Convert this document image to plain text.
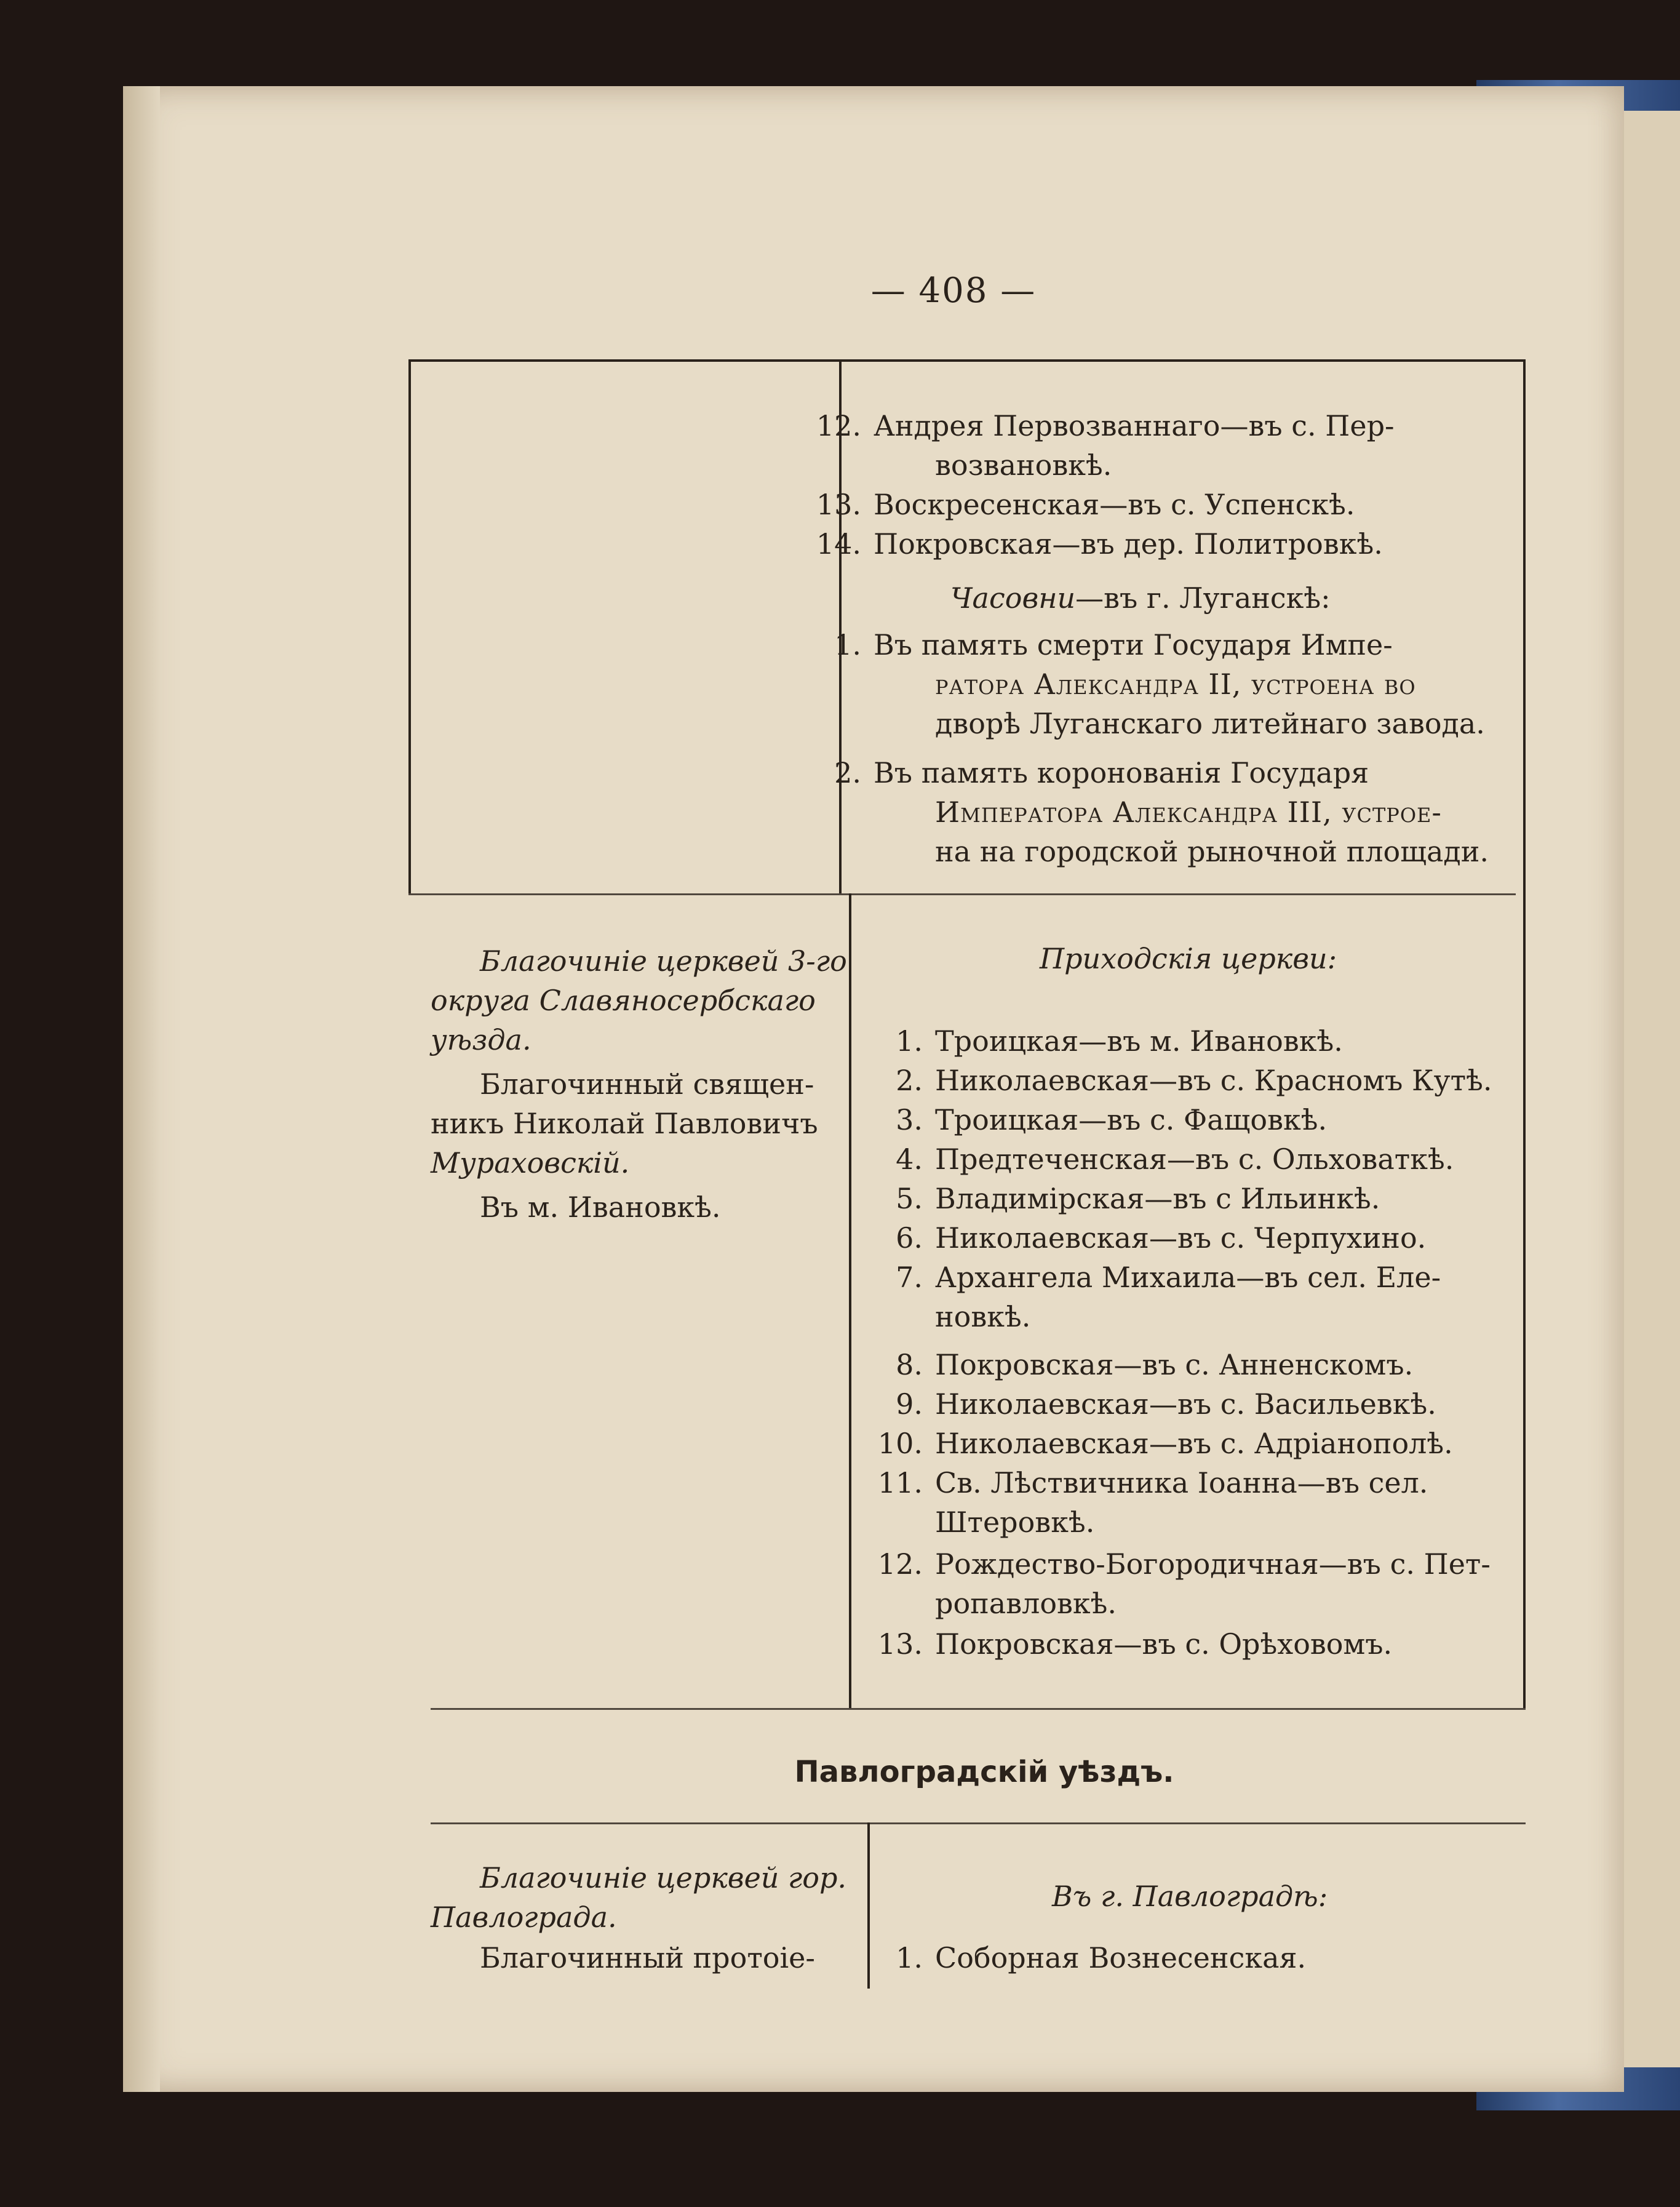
— 408 —
12. Андрея Первозваннаго—въ с. Пер-
возвановкѣ.
13. Воскресенская—въ с. Успенскѣ.
14. Покровская—въ дер. Политровкѣ.
Часовни—въ г. Луганскѣ:
1. Въ память смерти Государя Импе-
ратора Александра II, устроена во
дворѣ Луганскаго литейнаго завода.
2. Въ память коронованія Государя
Императора Александра III, устрое-
на на городской рыночной площади.
Благочиніе церквей 3-го
округа Славяносербскаго
уѣзда.
Благочинный священ-
никъ Николай Павловичъ
Мураховскій.
Въ м. Ивановкѣ.
Приходскія церкви:
1. Троицкая—въ м. Ивановкѣ.
2. Николаевская—въ с. Красномъ Кутѣ.
3. Троицкая—въ с. Фащовкѣ.
4. Предтеченская—въ с. Ольховаткѣ.
5. Владимірская—въ с Ильинкѣ.
6. Николаевская—въ с. Черпухино.
7. Архангела Михаила—въ сел. Еле-
новкѣ.
8. Покровская—въ с. Анненскомъ.
9. Николаевская—въ с. Васильевкѣ.
10. Николаевская—въ с. Адріанополѣ.
11. Св. Лѣствичника Іоанна—въ сел.
Штеровкѣ.
12. Рождество-Богородичная—въ с. Пет-
ропавловкѣ.
13. Покровская—въ с. Орѣховомъ.
Павлоградскій уѣздъ.
Благочиніе церквей гор.
Павлограда.
Благочинный протоіе-
Въ г. Павлоградѣ:
1. Соборная Вознесенская.
